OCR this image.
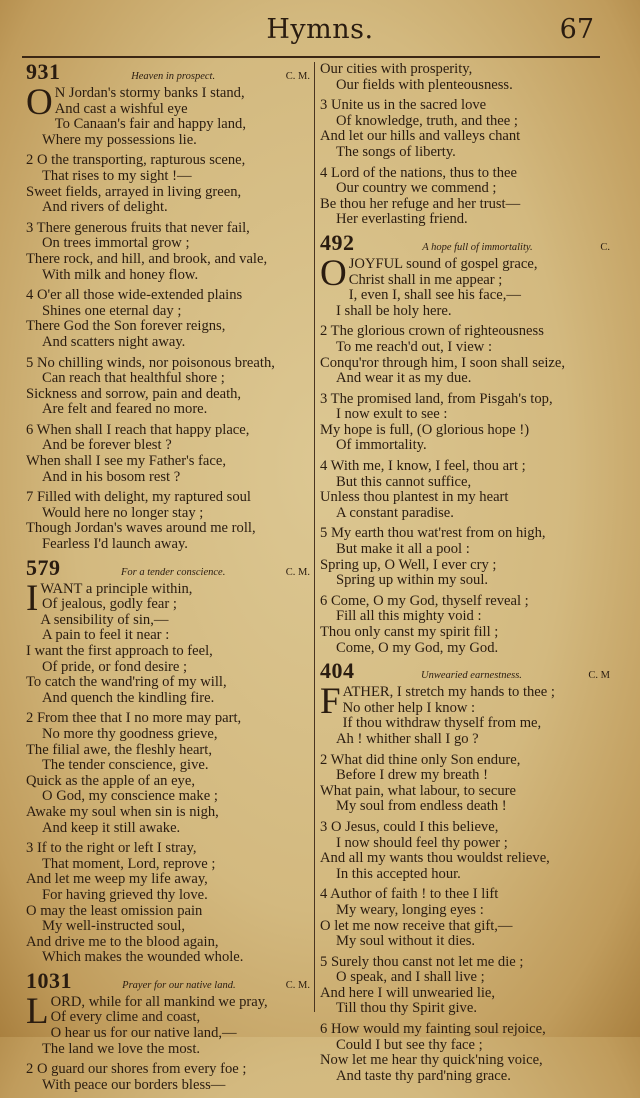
Hymns.	67
931	Heaven in prospect.	C. M.
O N Jordan's stormy banks I stand,
And cast a wishful eye
To Canaan's fair and happy land,
Where my possessions lie.
2 O the transporting, rapturous scene,
That rises to my sight !—
Sweet fields, arrayed in living green,
And rivers of delight.
3 There generous fruits that never fail,
On trees immortal grow ;
There rock, and hill, and brook, and vale,
With milk and honey flow.
4 O'er all those wide-extended plains
Shines one eternal day ;
There God the Son forever reigns,
And scatters night away.
5 No chilling winds, nor poisonous breath,
Can reach that healthful shore ;
Sickness and sorrow, pain and death,
Are felt and feared no more.
6 When shall I reach that happy place,
And be forever blest ?
When shall I see my Father's face,
And in his bosom rest ?
7 Filled with delight, my raptured soul
Would here no longer stay ;
Though Jordan's waves around me roll,
Fearless I'd launch away.
579	For a tender conscience.	C. M.
I WANT a principle within,
Of jealous, godly fear ;
A sensibility of sin,—
A pain to feel it near :
I want the first approach to feel,
Of pride, or fond desire ;
To catch the wand'ring of my will,
And quench the kindling fire.
2 From thee that I no more may part,
No more thy goodness grieve,
The filial awe, the fleshly heart,
The tender conscience, give.
Quick as the apple of an eye,
O God, my conscience make ;
Awake my soul when sin is nigh,
And keep it still awake.
3 If to the right or left I stray,
That moment, Lord, reprove ;
And let me weep my life away,
For having grieved thy love.
O may the least omission pain
My well-instructed soul,
And drive me to the blood again,
Which makes the wounded whole.
1031	Prayer for our native land.	C. M.
L ORD, while for all mankind we pray,
Of every clime and coast,
O hear us for our native land,—
The land we love the most.
2 O guard our shores from every foe ;
With peace our borders bless—
Our cities with prosperity,
Our fields with plenteousness.
3 Unite us in the sacred love
Of knowledge, truth, and thee ;
And let our hills and valleys chant
The songs of liberty.
4 Lord of the nations, thus to thee
Our country we commend ;
Be thou her refuge and her trust—
Her everlasting friend.
492	A hope full of immortality.	C.
O JOYFUL sound of gospel grace,
Christ shall in me appear ;
I, even I, shall see his face,—
I shall be holy here.
2 The glorious crown of righteousness
To me reach'd out, I view :
Conqu'ror through him, I soon shall seize,
And wear it as my due.
3 The promised land, from Pisgah's top,
I now exult to see :
My hope is full, (O glorious hope !)
Of immortality.
4 With me, I know, I feel, thou art ;
But this cannot suffice,
Unless thou plantest in my heart
A constant paradise.
5 My earth thou wat'rest from on high,
But make it all a pool :
Spring up, O Well, I ever cry ;
Spring up within my soul.
6 Come, O my God, thyself reveal ;
Fill all this mighty void :
Thou only canst my spirit fill ;
Come, O my God, my God.
404	Unwearied earnestness.	C. M
F ATHER, I stretch my hands to thee ;
No other help I know :
If thou withdraw thyself from me,
Ah ! whither shall I go ?
2 What did thine only Son endure,
Before I drew my breath !
What pain, what labour, to secure
My soul from endless death !
3 O Jesus, could I this believe,
I now should feel thy power ;
And all my wants thou wouldst relieve,
In this accepted hour.
4 Author of faith ! to thee I lift
My weary, longing eyes :
O let me now receive that gift,—
My soul without it dies.
5 Surely thou canst not let me die ;
O speak, and I shall live ;
And here I will unwearied lie,
Till thou thy Spirit give.
6 How would my fainting soul rejoice,
Could I but see thy face ;
Now let me hear thy quick'ning voice,
And taste thy pard'ning grace.
